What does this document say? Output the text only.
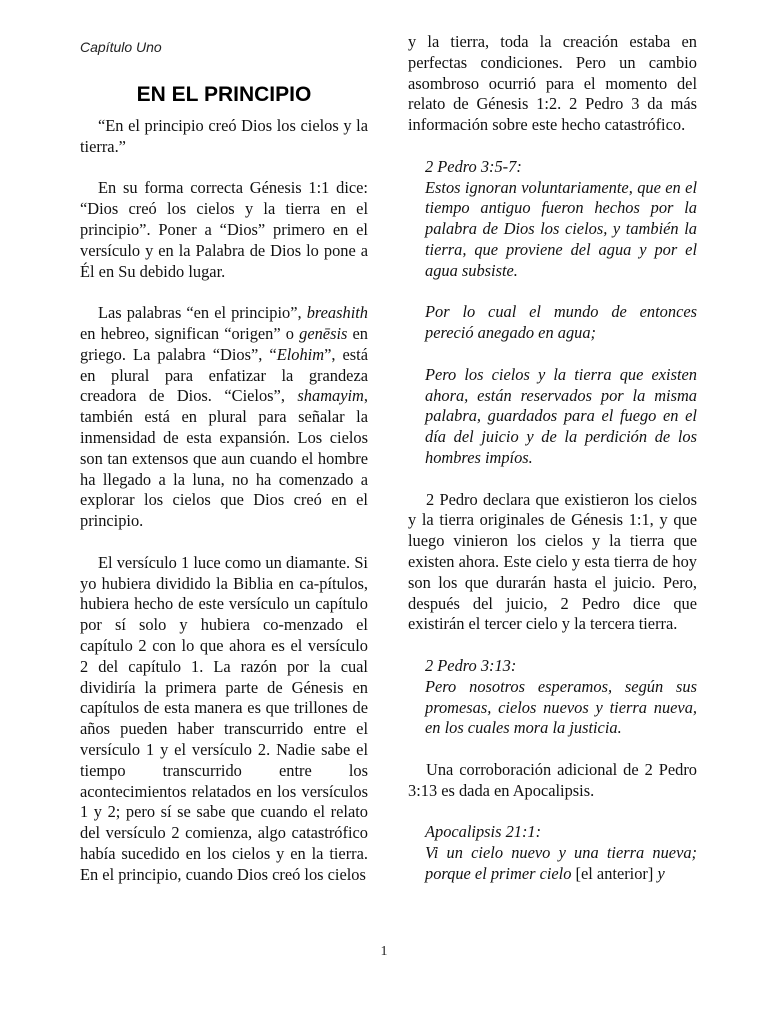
Capítulo Uno
EN EL PRINCIPIO

“En el principio creó Dios los cielos y la tierra.”

En su forma correcta Génesis 1:1 dice: “Dios creó los cielos y la tierra en el principio”. Poner a “Dios” primero en el versículo y en la Palabra de Dios lo pone a Él en Su debido lugar.

Las palabras “en el principio”, breashith en hebreo, significan “origen” o genēsis en griego. La palabra “Dios”, “Elohim”, está en plural para enfatizar la grandeza creadora de Dios. “Cielos”, shamayim, también está en plural para señalar la inmensidad de esta expansión. Los cielos son tan extensos que aun cuando el hombre ha llegado a la luna, no ha comenzado a explorar los cielos que Dios creó en el principio.

El versículo 1 luce como un diamante. Si yo hubiera dividido la Biblia en ca-pítulos, hubiera hecho de este versículo un capítulo por sí solo y hubiera co-menzado el capítulo 2 con lo que ahora es el versículo 2 del capítulo 1. La razón por la cual dividiría la primera parte de Génesis en capítulos de esta manera es que trillones de años pueden haber transcurrido entre el versículo 1 y el versículo 2. Nadie sabe el tiempo transcurrido entre los acontecimientos relatados en los versículos 1 y 2; pero sí se sabe que cuando el relato del versículo 2 comienza, algo catastrófico había sucedido en los cielos y en la tierra. En el principio, cuando Dios creó los cielos

y la tierra, toda la creación estaba en perfectas condiciones. Pero un cambio asombroso ocurrió para el momento del relato de Génesis 1:2. 2 Pedro 3 da más información sobre este hecho catastrófico.

2 Pedro 3:5-7:
Estos ignoran voluntariamente, que en el tiempo antiguo fueron hechos por la palabra de Dios los cielos, y también la tierra, que proviene del agua y por el agua subsiste.
Por lo cual el mundo de entonces pereció anegado en agua;
Pero los cielos y la tierra que existen ahora, están reservados por la misma palabra, guardados para el fuego en el día del juicio y de la perdición de los hombres impíos.

2 Pedro declara que existieron los cielos y la tierra originales de Génesis 1:1, y que luego vinieron los cielos y la tierra que existen ahora. Este cielo y esta tierra de hoy son los que durarán hasta el juicio. Pero, después del juicio, 2 Pedro dice que existirán el tercer cielo y la tercera tierra.

2 Pedro 3:13:
Pero nosotros esperamos, según sus promesas, cielos nuevos y tierra nueva, en los cuales mora la justicia.

Una corroboración adicional de 2 Pedro 3:13 es dada en Apocalipsis.

Apocalipsis 21:1:
Vi un cielo nuevo y una tierra nueva; porque el primer cielo [el anterior] y
1
